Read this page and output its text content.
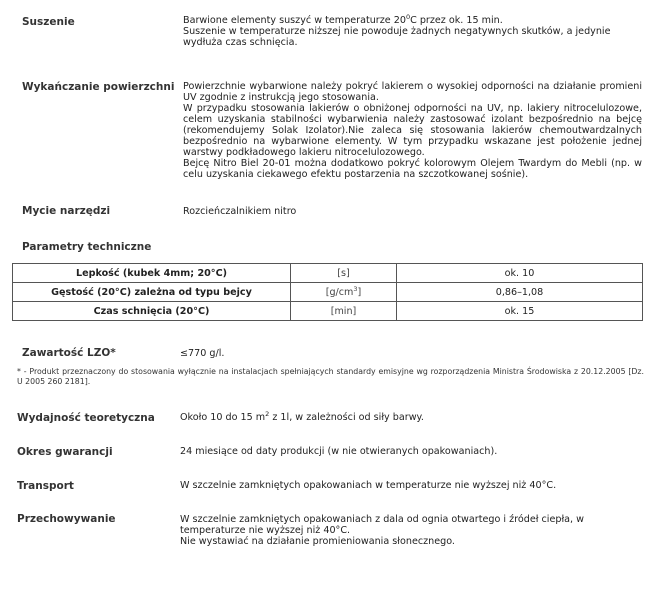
Suszenie	Barwione elementy suszyć w temperaturze $20^0C$ przez ok. 15 min.
Suszenie w temperaturze niższej nie powoduje żadnych negatywnych skutków, a jedynie wydłuża czas schnięcia.
Wykańczanie powierzchni Powierzchnie wybarwione należy pokryć lakierem o wysokiej odporności na działanie promieni UV zgodnie z instrukcją jego stosowania.
W przypadku stosowania lakierów o obniżonej odporności na UV, np. lakiery nitrocelulozowe, celem uzyskania stabilności wybarwienia należy zastosować izolant bezpośrednio na bejcę (rekomendujemy Solak Izolator).Nie zaleca się stosowania lakierów chemoutwardzalnych bezpośrednio na wybarwione elementy. W tym przypadku wskazane jest położenie jednej warstwy podkładowego lakieru nitrocelulozowego.
Bejcę Nitro Biel 20-01 można dodatkowo pokryć kolorowym Olejem Twardym do Mebli (np. w celu uzyskania ciekawego efektu postarzenia na szczotkowanej sośnie).
Mycie narzędzi	Rozcieńczalnikiem nitro
Parametry techniczne
Lepkość (kubek 4mm; 20°C)	[s]	ok. 10
Gęstość (20°C) zależna od typu bejcy	$[g/cm^3]$	0,86–1,08
Czas schnięcia (20°C)	[min]	ok. 15
Zawartość LZO*	≤770 g/l.
* - Produkt przeznaczony do stosowania wyłącznie na instalacjach spełniających standardy emisyjne wg rozporządzenia Ministra Środowiska z 20.12.2005 [Dz. U 2005 260 2181].
Wydajność teoretyczna	Około 10 do 15 $m^2$ z 1l, w zależności od siły barwy.
Okres gwarancji	24 miesiące od daty produkcji (w nie otwieranych opakowaniach).
Transport	W szczelnie zamkniętych opakowaniach w temperaturze nie wyższej niż 40°C.
Przechowywanie	W szczelnie zamkniętych opakowaniach z dala od ognia otwartego i źródeł ciepła, w temperaturze nie wyższej niż 40°C.
Nie wystawiać na działanie promieniowania słonecznego.
